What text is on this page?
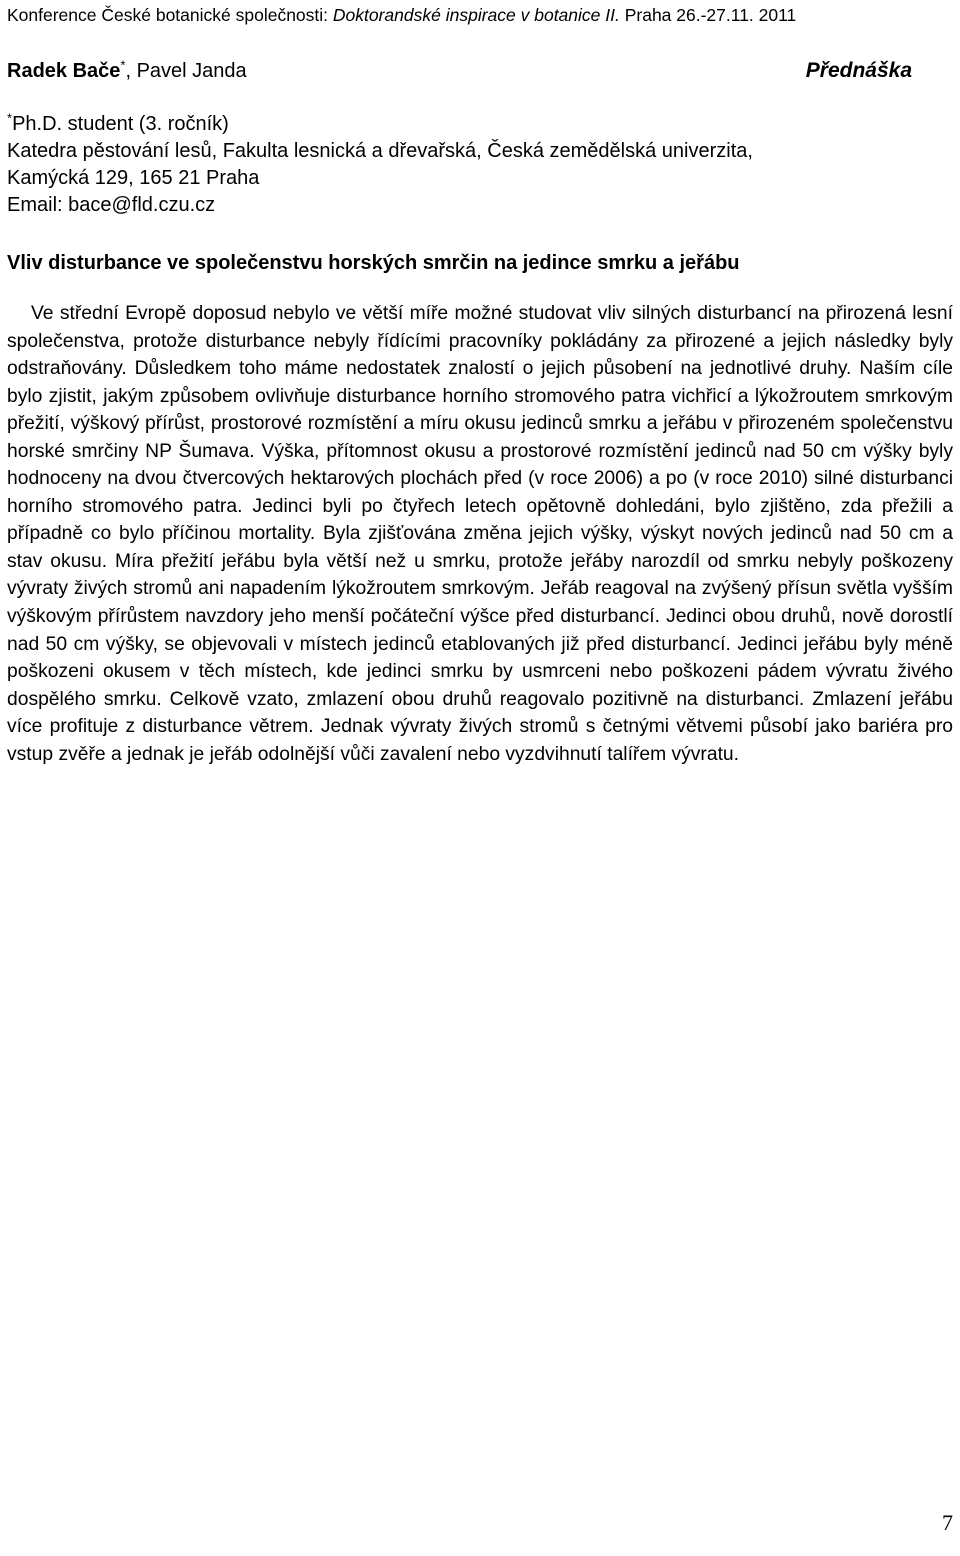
Konference České botanické společnosti: Doktorandské inspirace v botanice II. Praha 26.-27.11. 2011
Radek Bače*, Pavel Janda	Přednáška
*Ph.D. student (3. ročník)
Katedra pěstování lesů, Fakulta lesnická a dřevařská, Česká zemědělská univerzita,
Kamýcká 129, 165 21 Praha
Email: bace@fld.czu.cz
Vliv disturbance ve společenstvu horských smrčin na jedince smrku a jeřábu

Ve střední Evropě doposud nebylo ve větší míře možné studovat vliv silných disturbancí na přirozená lesní společenstva, protože disturbance nebyly řídícími pracovníky pokládány za přirozené a jejich následky byly odstraňovány. Důsledkem toho máme nedostatek znalostí o jejich působení na jednotlivé druhy. Naším cíle bylo zjistit, jakým způsobem ovlivňuje disturbance horního stromového patra vichřicí a lýkožroutem smrkovým přežití, výškový přírůst, prostorové rozmístění a míru okusu jedinců smrku a jeřábu v přirozeném společenstvu horské smrčiny NP Šumava. Výška, přítomnost okusu a prostorové rozmístění jedinců nad 50 cm výšky byly hodnoceny na dvou čtvercových hektarových plochách před (v roce 2006) a po (v roce 2010) silné disturbanci horního stromového patra. Jedinci byli po čtyřech letech opětovně dohledáni, bylo zjištěno, zda přežili a případně co bylo příčinou mortality. Byla zjišťována změna jejich výšky, výskyt nových jedinců nad 50 cm a stav okusu. Míra přežití jeřábu byla větší než u smrku, protože jeřáby narozdíl od smrku nebyly poškozeny vývraty živých stromů ani napadením lýkožroutem smrkovým. Jeřáb reagoval na zvýšený přísun světla vyšším výškovým přírůstem navzdory jeho menší počáteční výšce před disturbancí. Jedinci obou druhů, nově dorostlí nad 50 cm výšky, se objevovali v místech jedinců etablovaných již před disturbancí. Jedinci jeřábu byly méně poškozeni okusem v těch místech, kde jedinci smrku by usmrceni nebo poškozeni pádem vývratu živého dospělého smrku. Celkově vzato, zmlazení obou druhů reagovalo pozitivně na disturbanci. Zmlazení jeřábu více profituje z disturbance větrem. Jednak vývraty živých stromů s četnými větvemi působí jako bariéra pro vstup zvěře a jednak je jeřáb odolnější vůči zavalení nebo vyzdvihnutí talířem vývratu.

7
